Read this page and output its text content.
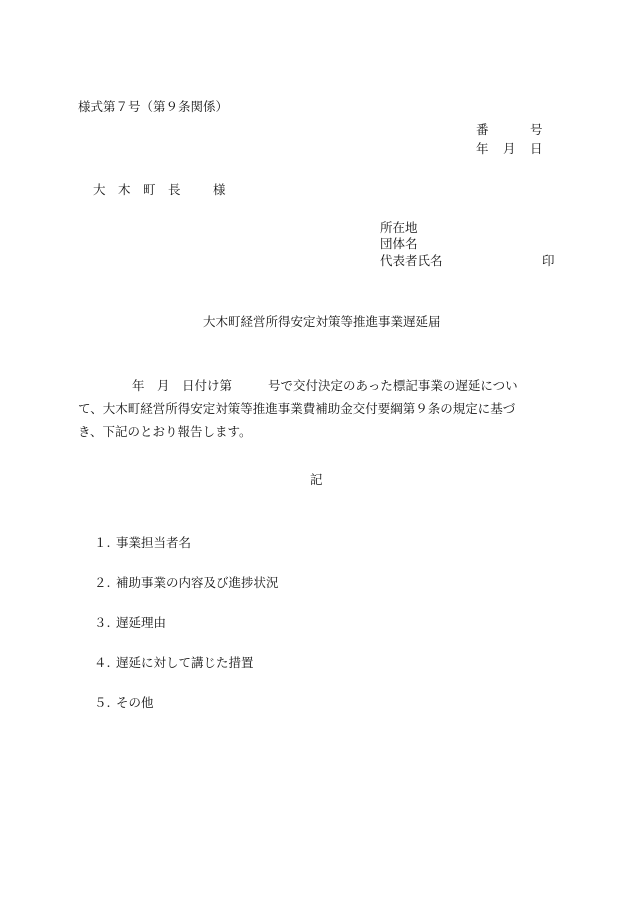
様式第７号（第９条関係）
番	号
年 月 日
大　木　町　長	様
所在地
団体名
代表者氏名	印
大木町経営所得安定対策等推進事業遅延届
年　月　日付け第	号で交付決定のあった標記事業の遅延につい
て、大木町経営所得安定対策等推進事業費補助金交付要綱第９条の規定に基づ
き、下記のとおり報告します。
記
１. 事業担当者名
２. 補助事業の内容及び進捗状況
３. 遅延理由
４. 遅延に対して講じた措置
５. その他
